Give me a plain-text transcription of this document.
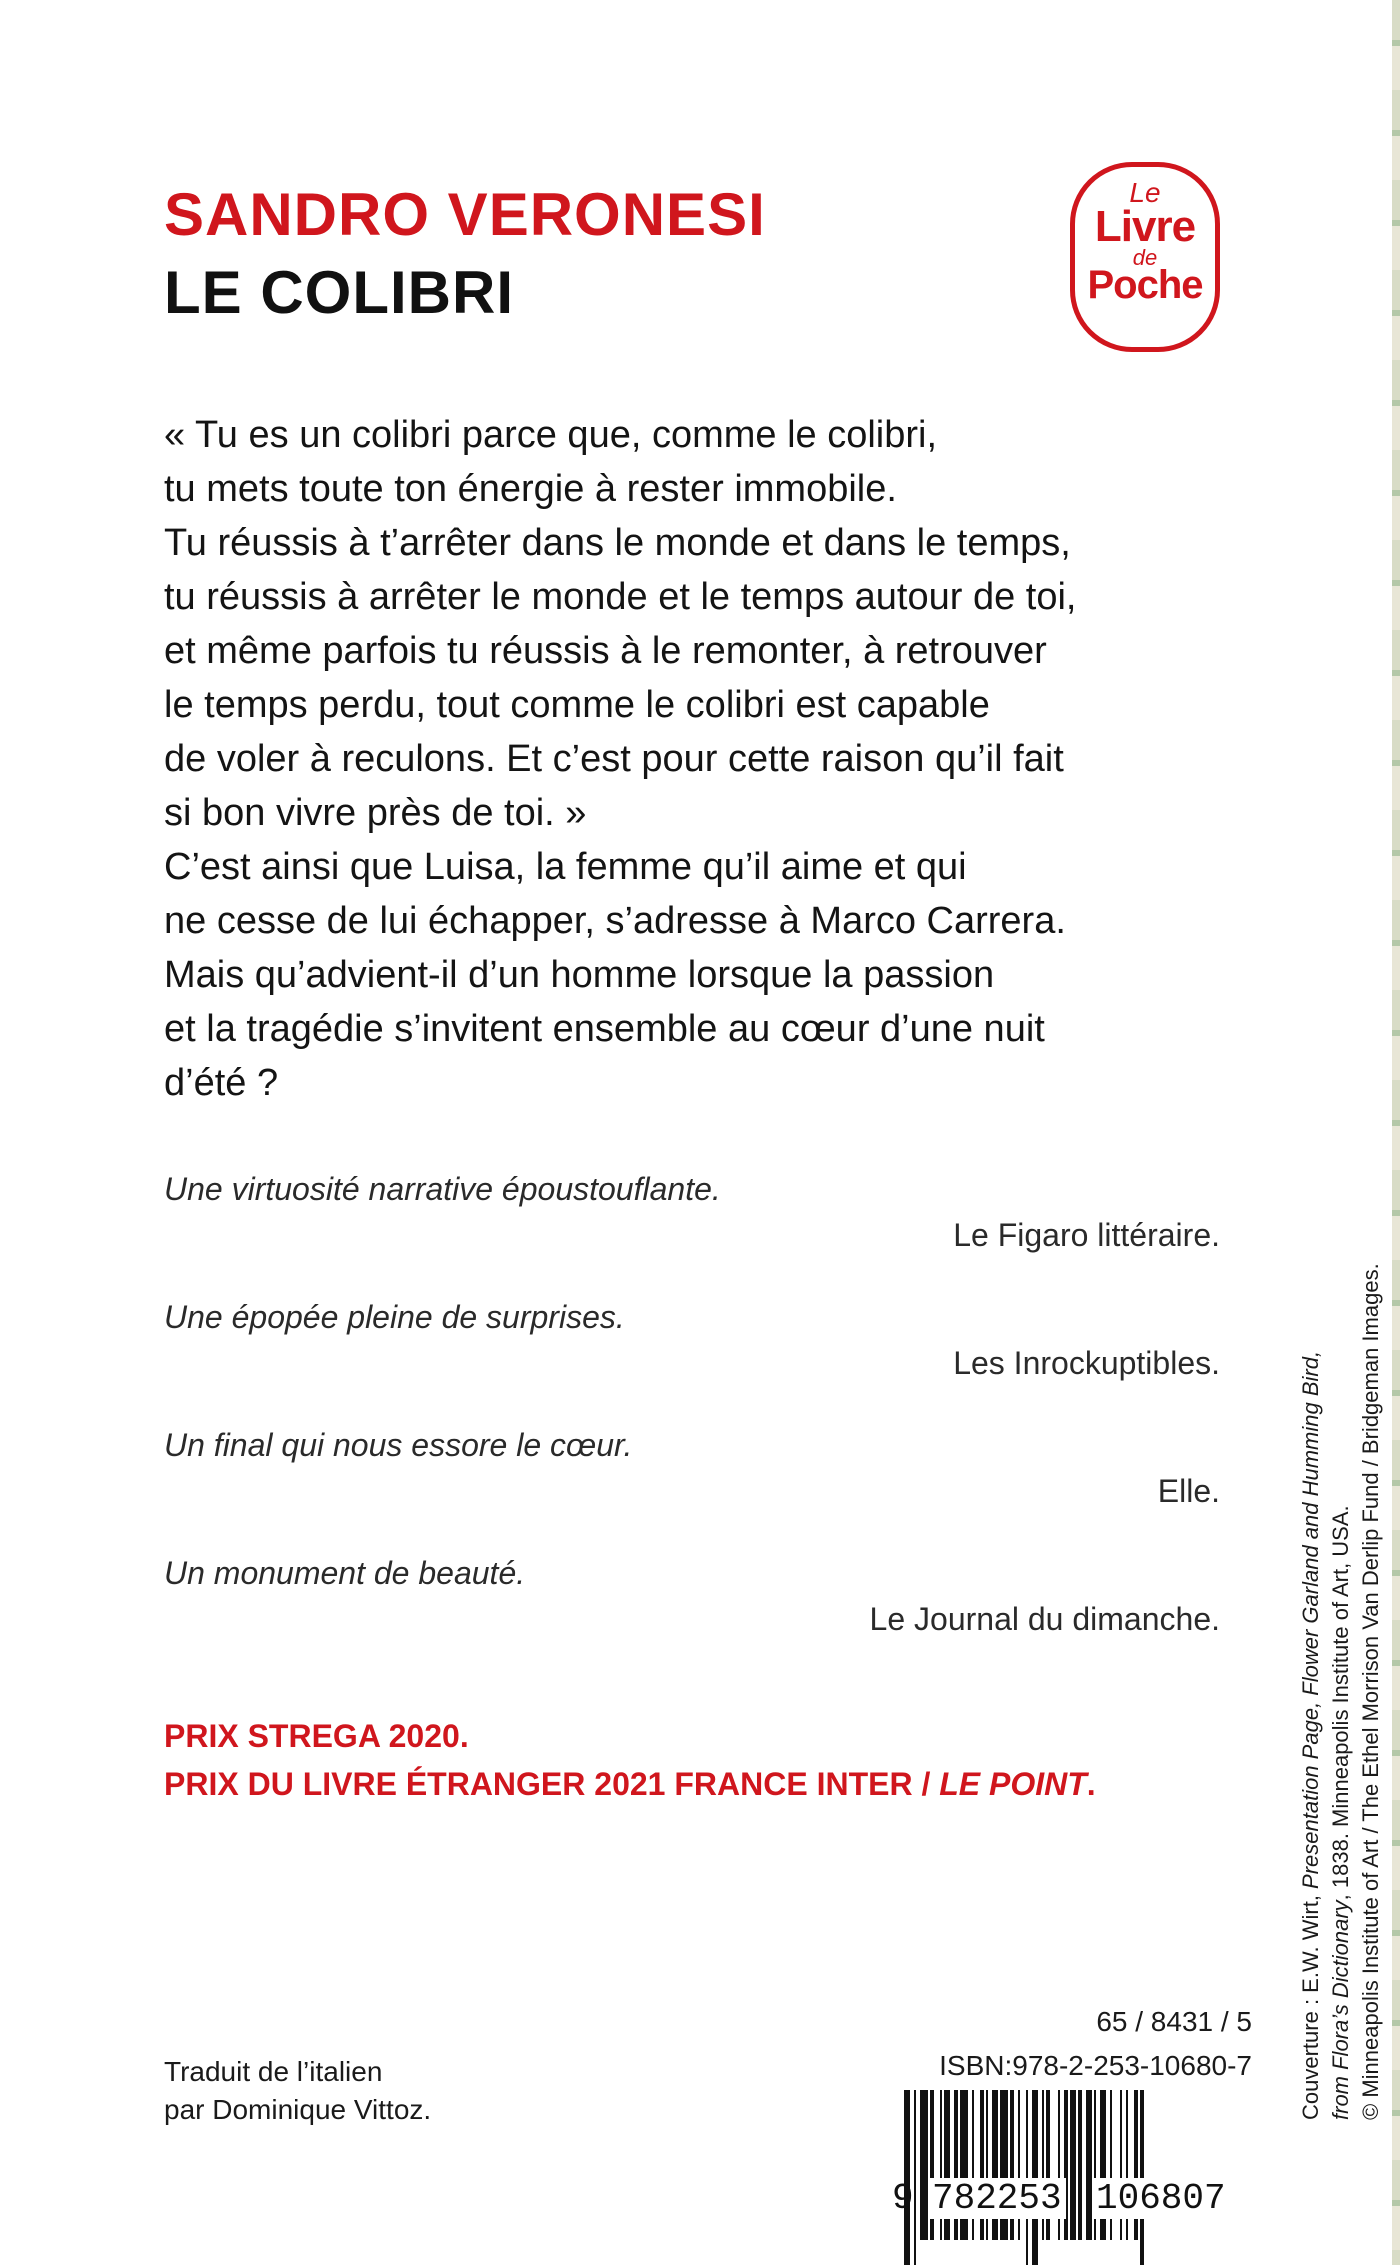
SANDRO VERONESI
LE COLIBRI
Le
Livre
de
Poche

« Tu es un colibri parce que, comme le colibri,

tu mets toute ton énergie à rester immobile.

Tu réussis à t’arrêter dans le monde et dans le temps,

tu réussis à arrêter le monde et le temps autour de toi,

et même parfois tu réussis à le remonter, à retrouver

le temps perdu, tout comme le colibri est capable

de voler à reculons. Et c’est pour cette raison qu’il fait

si bon vivre près de toi. »

C’est ainsi que Luisa, la femme qu’il aime et qui

ne cesse de lui échapper, s’adresse à Marco Carrera.

Mais qu’advient-il d’un homme lorsque la passion

et la tragédie s’invitent ensemble au cœur d’une nuit

d’été ?

Une virtuosité narrative époustouflante.
Le Figaro littéraire.
Une épopée pleine de surprises.
Les Inrockuptibles.
Un final qui nous essore le cœur.
Elle.
Un monument de beauté.
Le Journal du dimanche.
PRIX STREGA 2020.
PRIX DU LIVRE ÉTRANGER 2021 FRANCE INTER / LE POINT.
Traduit de l’italien
par Dominique Vittoz.
65 / 8431 / 5
ISBN:978-2-253-10680-7
9 782253 106807

Couverture : E.W. Wirt, Presentation Page, Flower Garland and Humming Bird,

from Flora’s Dictionary, 1838. Minneapolis Institute of Art, USA. © Minneapolis Institute of Art / The Ethel Morrison Van Derlip Fund / Bridgeman Images.
